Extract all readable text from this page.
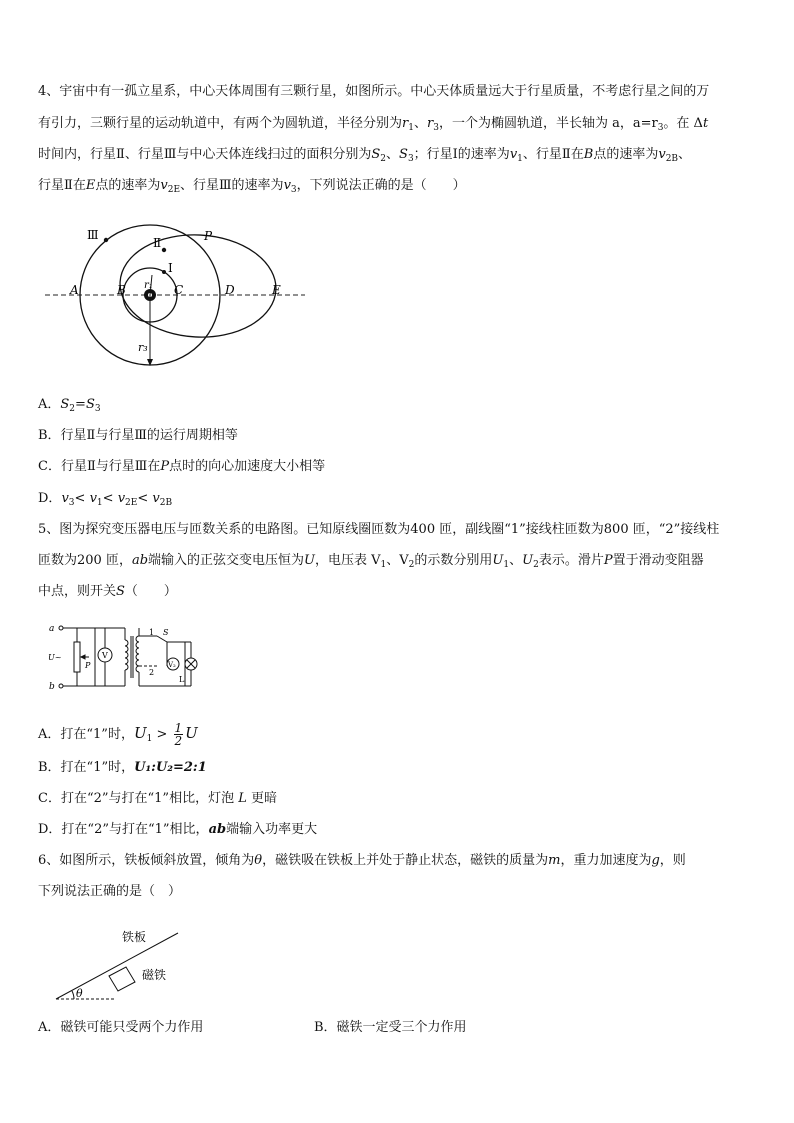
4、宇宙中有一孤立星系，中心天体周围有三颗行星，如图所示。中心天体质量远大于行星质量，不考虑行星之间的万
有引力，三颗行星的运动轨道中，有两个为圆轨道，半径分别为$r_1$、$r_3$，一个为椭圆轨道，半长轴为 a，$a=r_3$。在 Δt
时间内，行星Ⅱ、行星Ⅲ与中心天体连线扫过的面积分别为$S_2$、$S_3$；行星Ⅰ的速率为$v_1$、行星Ⅱ在B点的速率为$v_{2B}$、
行星Ⅱ在E点的速率为$v_{2E}$、行星Ⅲ的速率为$v_3$，下列说法正确的是（　　）
Ⅲ
Ⅱ
Ⅰ
P
A	B	C	D	E
r₁
r₃
A．$S_2=S_3$
B．行星Ⅱ与行星Ⅲ的运行周期相等
C．行星Ⅱ与行星Ⅲ在P点时的向心加速度大小相等
D．$v_3< v_1< v_{2E}< v_{2B}$
5、图为探究变压器电压与匝数关系的电路图。已知原线圈匝数为400 匝，副线圈“1”接线柱匝数为800 匝，“2”接线柱
匝数为200 匝，ab端输入的正弦交变电压恒为U，电压表 $V_1$、$V_2$的示数分别用$U_1$、$U_2$表示。滑片P置于滑动变阻器
中点，则开关S（　　）
a
b
U~
P
V
V₂
1
2
S
L
A．打在“1”时，$U_1 > \frac{1}{2}$ U
B．打在“1”时，U₁:U₂=2:1
C．打在“2”与打在“1”相比，灯泡 L 更暗
D．打在“2”与打在“1”相比，ab端输入功率更大
6、如图所示，铁板倾斜放置，倾角为θ，磁铁吸在铁板上并处于静止状态，磁铁的质量为m，重力加速度为g，则
下列说法正确的是（　）
铁板
磁铁
θ
A．磁铁可能只受两个力作用	B．磁铁一定受三个力作用
